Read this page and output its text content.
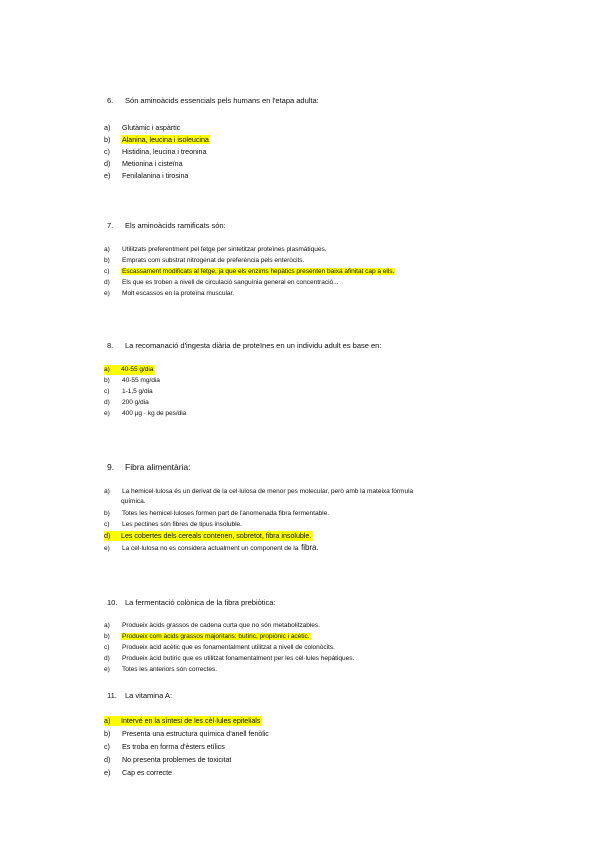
6. Són aminoàcids essencials pels humans en l'etapa adulta:
a) Glutàmic i aspàrtic
b) Alanina, leucina i isoleucina
c) Histidina, leucina i treonina
d) Metionina i cisteïna
e) Fenilalanina i tirosina
7. Els aminoàcids ramificats són:
a) Utilitzats preferentment pel fetge per sintetitzar proteïnes plasmàtiques.
b) Emprats com substrat nitrogenat de preferència pels enteròcits.
c) Escassament modificats al fetge, ja que els enzims hepàtics presenten baixa afinitat cap a ells.
d) Els que es troben a nivell de circulació sanguínia general en concentració...
e) Molt escassos en la proteïna muscular.
8. La recomanació d'ingesta diària de proteïnes en un individu adult es base en:
a) 40-55 g/dia
b) 40-55 mg/dia
c) 1-1,5 g/dia
d) 200 g/dia
e) 400 µg · kg de pes/dia
9. Fibra alimentària:
a) La hemicel·lulosa és un derivat de la cel·lulosa de menor pes molecular, però amb la mateixa fórmula
química.
b) Totes les hemicel·luloses formen part de l'anomenada fibra fermentable.
c) Les pectines són fibres de tipus insoluble.
d) Les cobertes dels cereals contenen, sobretot, fibra insoluble.
e) La cel·lulosa no es considera actualment un component de la fibra.
10. La fermentació colònica de la fibra prebiòtica:
a) Produeix àcids grassos de cadena curta que no són metabolitzables.
b) Produeix com àcids grassos majoritaris: butíric, propiònic i acètic.
c) Produeix àcid acètic que es fonamentalment utilitzat a nivell de colonòcits.
d) Produeix àcid butíric que es utilitzat fonamentalment per les cèl·lules hepàtiques.
e) Totes les anteriors són correctes.
11. La vitamina A:
a) Intervé en la síntesi de les cèl·lules epitelials
b) Presenta una estructura química d'anell fenòlic
c) Es troba en forma d'èsters etílics
d) No presenta problemes de toxicitat
e) Cap es correcte
